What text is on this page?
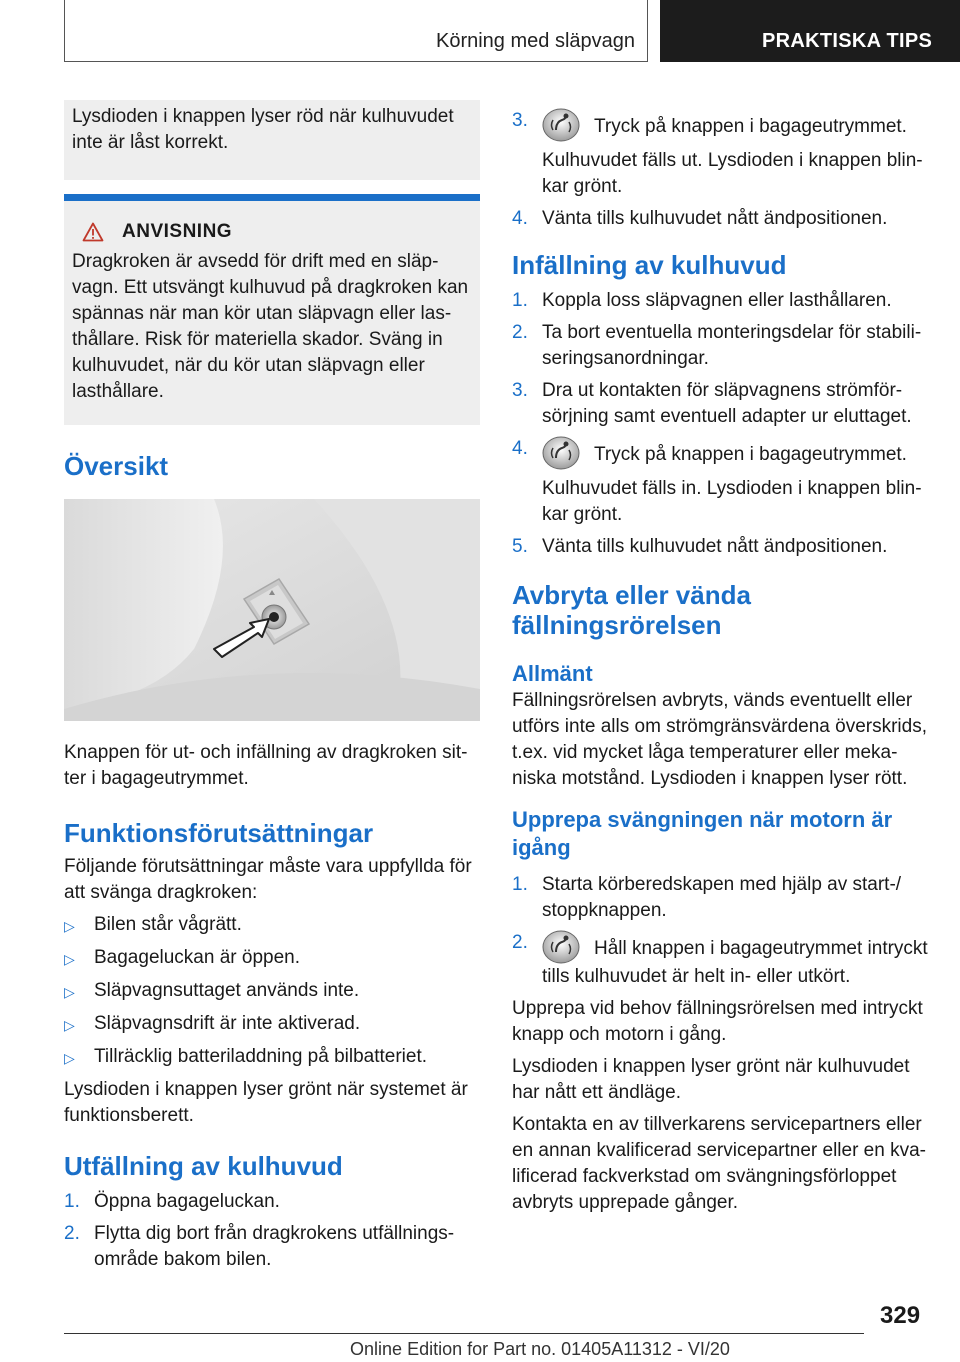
Körning med släpvagn	PRAKTISKA TIPS

Lysdioden i knappen lyser röd när kulhuvudet inte är låst korrekt.

ANVISNING

Dragkroken är avsedd för drift med en släpvagn. Ett utsvängt kulhuvud på dragkroken kan spännas när man kör utan släpvagn eller lasthållare. Risk för materiella skador. Sväng in kulhuvudet, när du kör utan släpvagn eller lasthållare.

Översikt

Knappen för ut- och infällning av dragkroken sitter i bagageutrymmet.

Funktionsförutsättningar

Följande förutsättningar måste vara uppfyllda för att svänga dragkroken:

▷	Bilen står vågrätt.
▷	Bagageluckan är öppen.
▷	Släpvagnsuttaget används inte.
▷	Släpvagnsdrift är inte aktiverad.
▷	Tillräcklig batteriladdning på bilbatteriet.

Lysdioden i knappen lyser grönt när systemet är funktionsberett.

Utfällning av kulhuvud
1. Öppna bagageluckan.
2. Flytta dig bort från dragkrokens utfällningsområde bakom bilen.
3.	Tryck på knappen i bagageutrymmet.

Kulhuvudet fälls ut. Lysdioden i knappen blinkar grönt.

4. Vänta tills kulhuvudet nått ändpositionen.
Infällning av kulhuvud
1. Koppla loss släpvagnen eller lasthållaren.
2. Ta bort eventuella monteringsdelar för stabiliseringsanordningar.
3. Dra ut kontakten för släpvagnens strömförsörjning samt eventuell adapter ur eluttaget.
4.	Tryck på knappen i bagageutrymmet.

Kulhuvudet fälls in. Lysdioden i knappen blinkar grönt.

5. Vänta tills kulhuvudet nått ändpositionen.
Avbryta eller vända fällningsrörelsen
Allmänt

Fällningsrörelsen avbryts, vänds eventuellt eller utförs inte alls om strömgränsvärdena överskrids, t.ex. vid mycket låga temperaturer eller mekaniska motstånd. Lysdioden i knappen lyser rött.

Upprepa svängningen när motorn är igång
1. Starta körberedskapen med hjälp av start-/ stoppknappen.
2.	Håll knappen i bagageutrymmet intryckt tills kulhuvudet är helt in- eller utkört.

Upprepa vid behov fällningsrörelsen med intryckt knapp och motorn i gång.

Lysdioden i knappen lyser grönt när kulhuvudet har nått ett ändläge.

Kontakta en av tillverkarens servicepartners eller en annan kvalificerad servicepartner eller en kvalificerad fackverkstad om svängningsförloppet avbryts upprepade gånger.

329
Online Edition for Part no. 01405A11312 - VI/20
